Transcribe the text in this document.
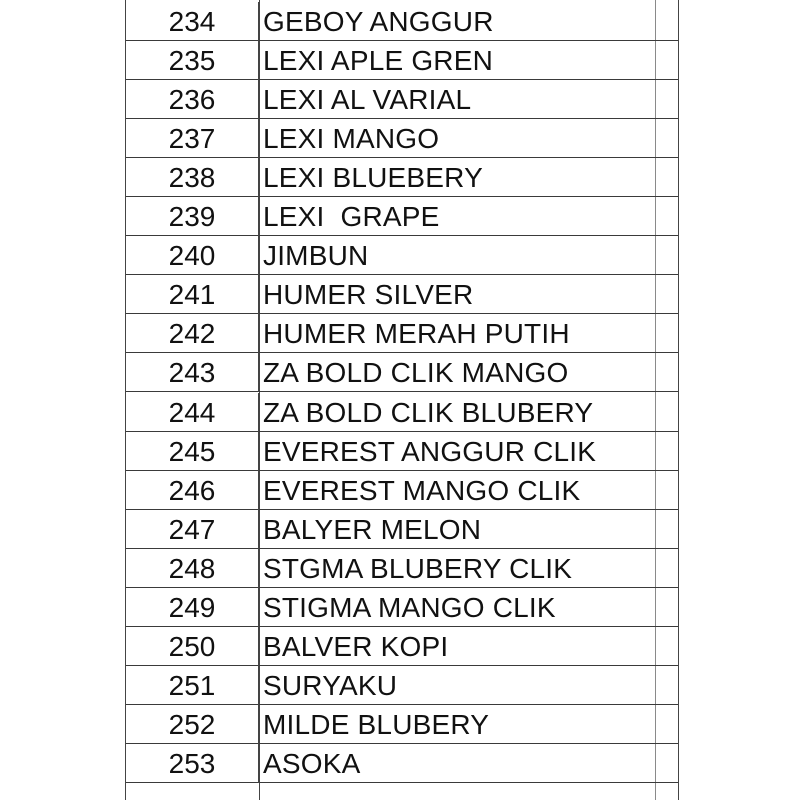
234	GEBOY ANGGUR
235	LEXI APLE GREN
236	LEXI AL VARIAL
237	LEXI MANGO
238	LEXI BLUEBERY
239	LEXI  GRAPE
240	JIMBUN
241	HUMER SILVER
242	HUMER MERAH PUTIH
243	ZA BOLD CLIK MANGO
244	ZA BOLD CLIK BLUBERY
245	EVEREST ANGGUR CLIK
246	EVEREST MANGO CLIK
247	BALYER MELON
248	STGMA BLUBERY CLIK
249	STIGMA MANGO CLIK
250	BALVER KOPI
251	SURYAKU
252	MILDE BLUBERY
253	ASOKA
